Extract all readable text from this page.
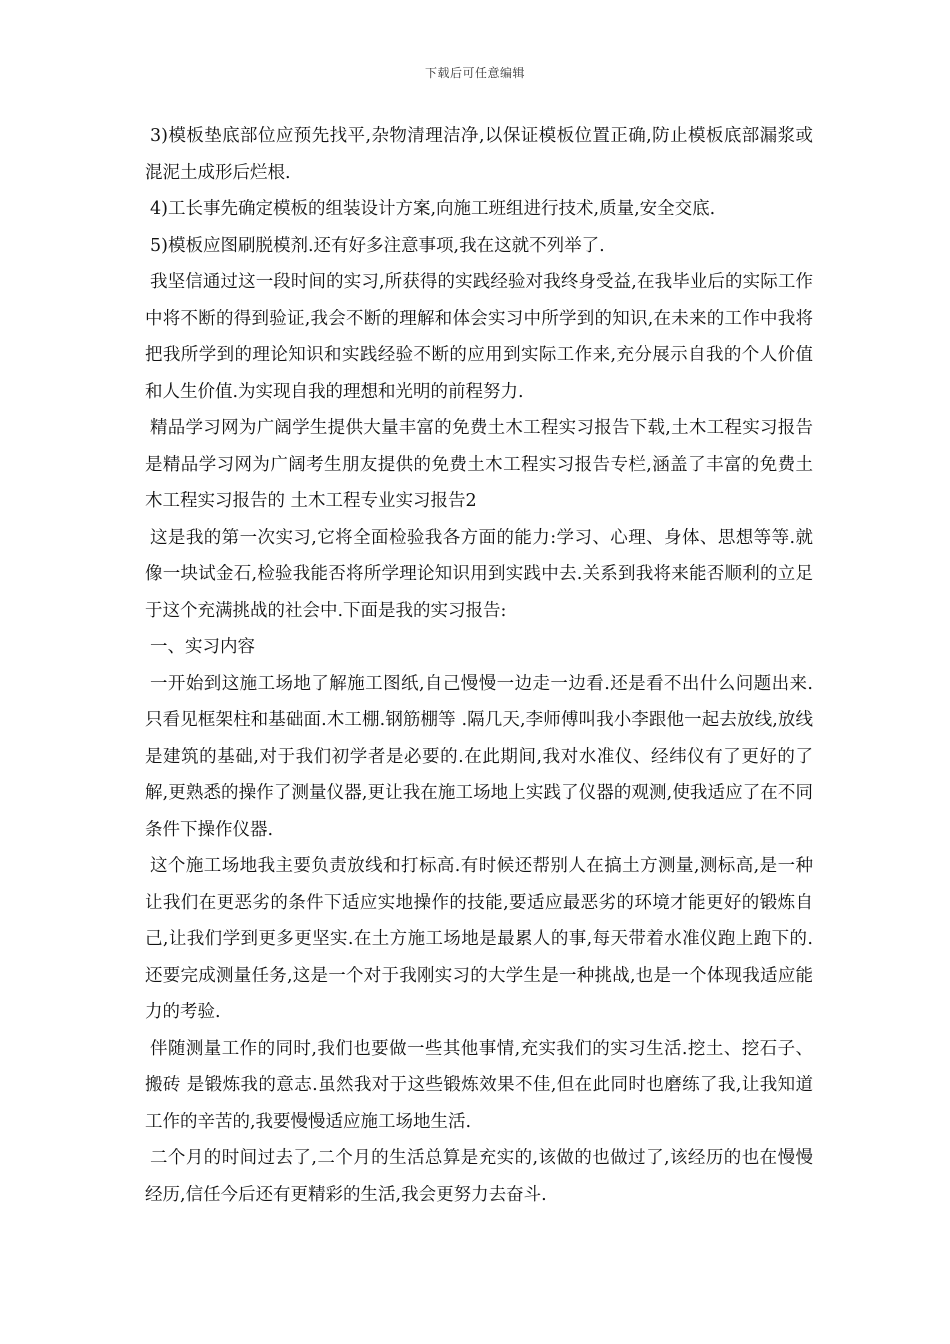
下载后可任意编辑

3)模板垫底部位应预先找平,杂物清理洁净,以保证模板位置正确,防止模板底部漏浆或混泥土成形后烂根.

4)工长事先确定模板的组装设计方案,向施工班组进行技术,质量,安全交底.

5)模板应图刷脱模剂.还有好多注意事项,我在这就不列举了.

我坚信通过这一段时间的实习,所获得的实践经验对我终身受益,在我毕业后的实际工作中将不断的得到验证,我会不断的理解和体会实习中所学到的知识,在未来的工作中我将把我所学到的理论知识和实践经验不断的应用到实际工作来,充分展示自我的个人价值和人生价值.为实现自我的理想和光明的前程努力.

精品学习网为广阔学生提供大量丰富的免费土木工程实习报告下载,土木工程实习报告是精品学习网为广阔考生朋友提供的免费土木工程实习报告专栏,涵盖了丰富的免费土木工程实习报告的 土木工程专业实习报告2

这是我的第一次实习,它将全面检验我各方面的能力:学习、心理、身体、思想等等.就像一块试金石,检验我能否将所学理论知识用到实践中去.关系到我将来能否顺利的立足于这个充满挑战的社会中.下面是我的实习报告:

一、实习内容

一开始到这施工场地了解施工图纸,自己慢慢一边走一边看.还是看不出什么问题出来.只看见框架柱和基础面.木工棚.钢筋棚等 .隔几天,李师傅叫我小李跟他一起去放线,放线是建筑的基础,对于我们初学者是必要的.在此期间,我对水准仪、经纬仪有了更好的了解,更熟悉的操作了测量仪器,更让我在施工场地上实践了仪器的观测,使我适应了在不同条件下操作仪器.

这个施工场地我主要负责放线和打标高.有时候还帮别人在搞土方测量,测标高,是一种让我们在更恶劣的条件下适应实地操作的技能,要适应最恶劣的环境才能更好的锻炼自己,让我们学到更多更坚实.在土方施工场地是最累人的事,每天带着水准仪跑上跑下的.还要完成测量任务,这是一个对于我刚实习的大学生是一种挑战,也是一个体现我适应能力的考验.

伴随测量工作的同时,我们也要做一些其他事情,充实我们的实习生活.挖土、挖石子、搬砖 是锻炼我的意志.虽然我对于这些锻炼效果不佳,但在此同时也磨练了我,让我知道工作的辛苦的,我要慢慢适应施工场地生活.

二个月的时间过去了,二个月的生活总算是充实的,该做的也做过了,该经历的也在慢慢经历,信任今后还有更精彩的生活,我会更努力去奋斗.
